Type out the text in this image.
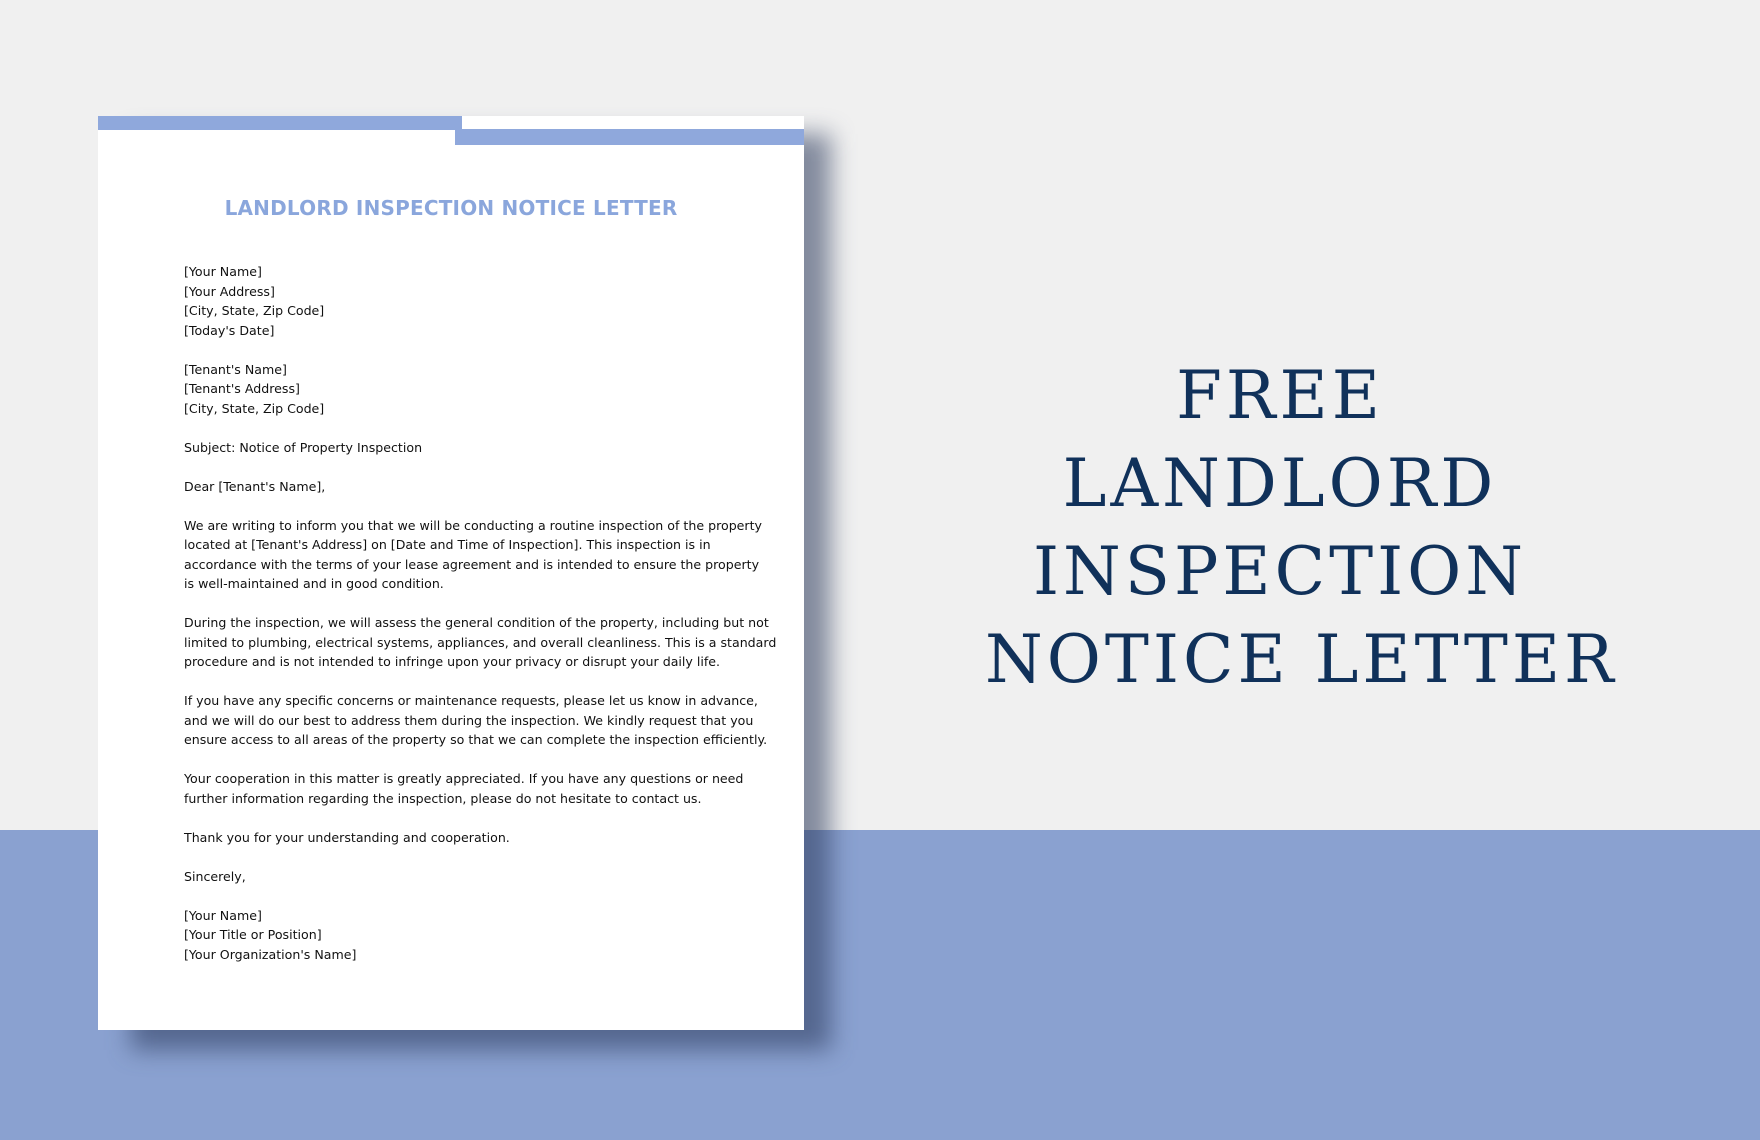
LANDLORD INSPECTION NOTICE LETTER
[Your Name]
[Your Address]
[City, State, Zip Code]
[Today's Date]
[Tenant's Name]
[Tenant's Address]
[City, State, Zip Code]
Subject: Notice of Property Inspection
Dear [Tenant's Name],
We are writing to inform you that we will be conducting a routine inspection of the property
located at [Tenant's Address] on [Date and Time of Inspection]. This inspection is in
accordance with the terms of your lease agreement and is intended to ensure the property
is well-maintained and in good condition.
During the inspection, we will assess the general condition of the property, including but not
limited to plumbing, electrical systems, appliances, and overall cleanliness. This is a standard
procedure and is not intended to infringe upon your privacy or disrupt your daily life.
If you have any specific concerns or maintenance requests, please let us know in advance,
and we will do our best to address them during the inspection. We kindly request that you
ensure access to all areas of the property so that we can complete the inspection efficiently.
Your cooperation in this matter is greatly appreciated. If you have any questions or need
further information regarding the inspection, please do not hesitate to contact us.
Thank you for your understanding and cooperation.
Sincerely,
[Your Name]
[Your Title or Position]
[Your Organization's Name]
FREE
LANDLORD
INSPECTION
NOTICE LETTER
